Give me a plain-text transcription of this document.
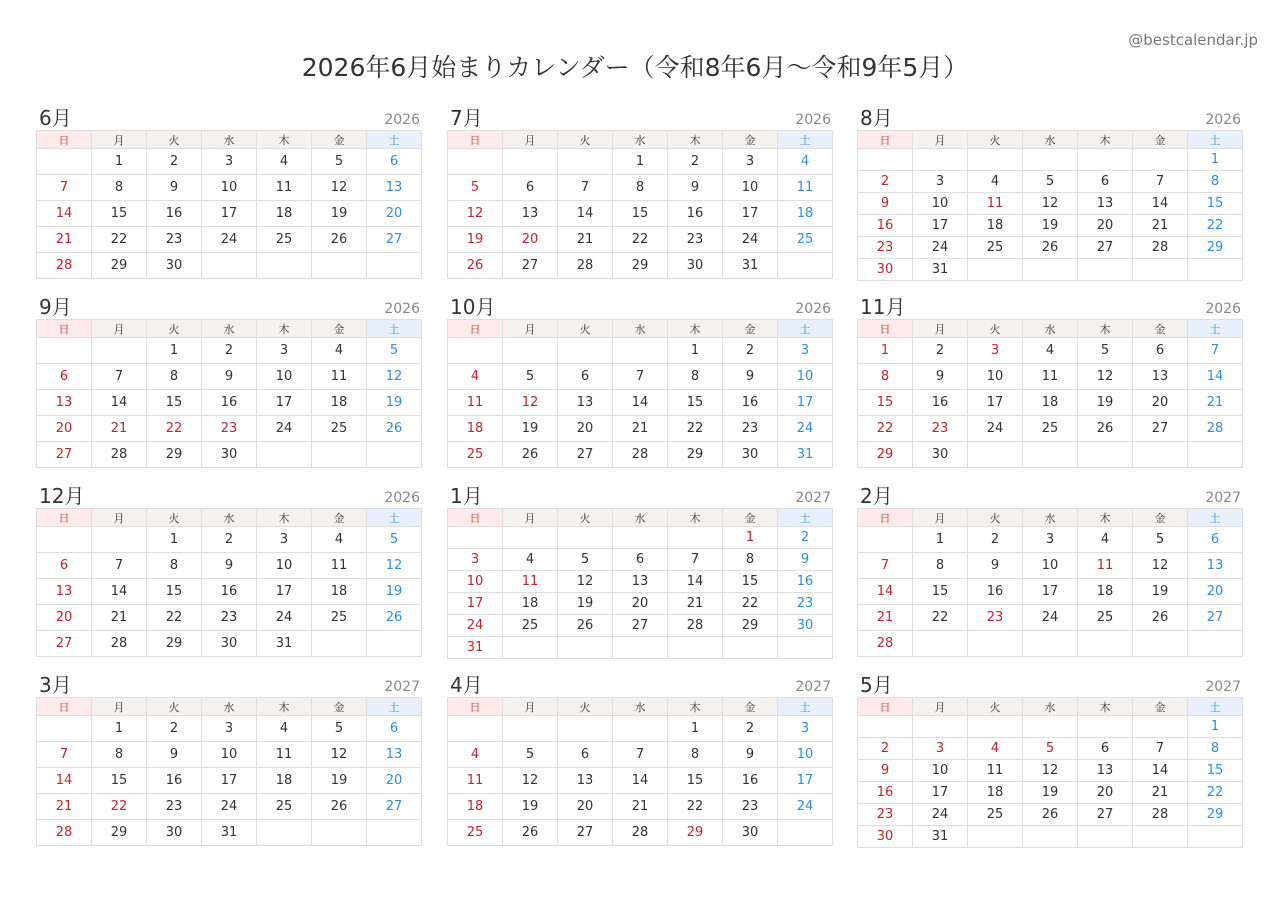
2026年6月始まりカレンダー（令和8年6月〜令和9年5月）
@bestcalendar.jp
6月	2026
日	月	火	水	木	金	土
	1	2	3	4	5	6
7	8	9	10	11	12	13
14	15	16	17	18	19	20
21	22	23	24	25	26	27
28	29	30				
7月	2026
日	月	火	水	木	金	土
			1	2	3	4
5	6	7	8	9	10	11
12	13	14	15	16	17	18
19	20	21	22	23	24	25
26	27	28	29	30	31	
8月	2026
日	月	火	水	木	金	土
						1
2	3	4	5	6	7	8
9	10	11	12	13	14	15
16	17	18	19	20	21	22
23	24	25	26	27	28	29
30	31					
9月	2026
日	月	火	水	木	金	土
		1	2	3	4	5
6	7	8	9	10	11	12
13	14	15	16	17	18	19
20	21	22	23	24	25	26
27	28	29	30			
10月	2026
日	月	火	水	木	金	土
				1	2	3
4	5	6	7	8	9	10
11	12	13	14	15	16	17
18	19	20	21	22	23	24
25	26	27	28	29	30	31
11月	2026
日	月	火	水	木	金	土
1	2	3	4	5	6	7
8	9	10	11	12	13	14
15	16	17	18	19	20	21
22	23	24	25	26	27	28
29	30					
12月	2026
日	月	火	水	木	金	土
		1	2	3	4	5
6	7	8	9	10	11	12
13	14	15	16	17	18	19
20	21	22	23	24	25	26
27	28	29	30	31		
1月	2027
日	月	火	水	木	金	土
					1	2
3	4	5	6	7	8	9
10	11	12	13	14	15	16
17	18	19	20	21	22	23
24	25	26	27	28	29	30
31						
2月	2027
日	月	火	水	木	金	土
	1	2	3	4	5	6
7	8	9	10	11	12	13
14	15	16	17	18	19	20
21	22	23	24	25	26	27
28						
3月	2027
日	月	火	水	木	金	土
	1	2	3	4	5	6
7	8	9	10	11	12	13
14	15	16	17	18	19	20
21	22	23	24	25	26	27
28	29	30	31			
4月	2027
日	月	火	水	木	金	土
				1	2	3
4	5	6	7	8	9	10
11	12	13	14	15	16	17
18	19	20	21	22	23	24
25	26	27	28	29	30	
5月	2027
日	月	火	水	木	金	土
						1
2	3	4	5	6	7	8
9	10	11	12	13	14	15
16	17	18	19	20	21	22
23	24	25	26	27	28	29
30	31					
